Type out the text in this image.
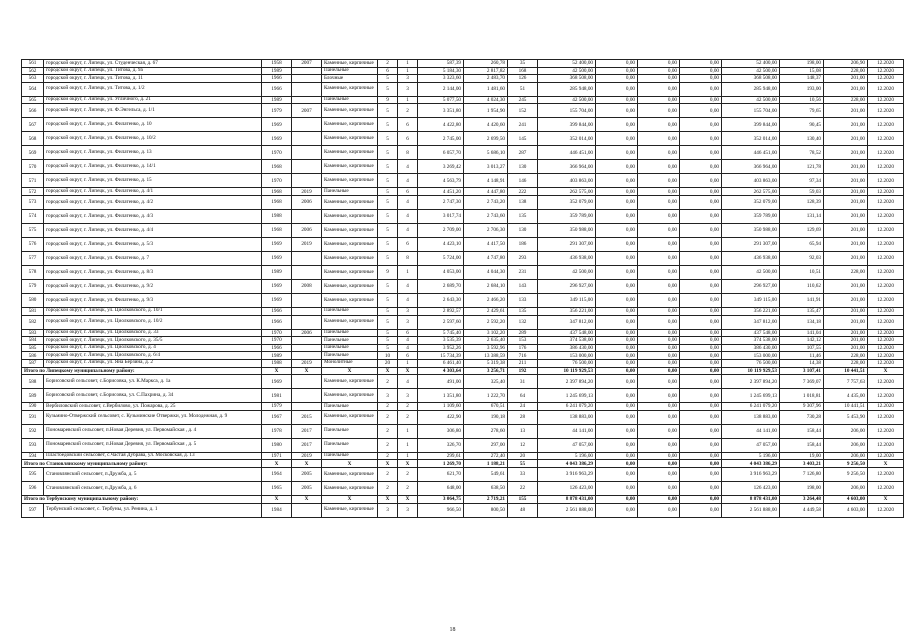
561	городской округ, г. Липецк, ул. Студенческая, д. 67	1958	2007	Каменные, кирпичные	2	1	587,39	260,78	35	52 400,00	0,00	0,00	0,00	52 400,00	198,00	206,90	12.2020
562	городской округ, г. Липецк, ул. Титова, д. 9а	1989		Панельные	6	1	5 184,30	2 817,82	168	42 500,00	0,00	0,00	0,00	42 500,00	15,08	228,00	12.2020
563	городской округ, г. Липецк, ул. Титова, д. 11	1966		Блочные	5	3	3 323,60	2 483,70	126	368 508,00	0,00	0,00	0,00	368 508,00	148,37	201,00	12.2020
564	городской округ, г. Липецк, ул. Титова, д. 1/2	1966		Каменные, кирпичные	5	3	2 144,00	1 481,60	51	285 948,00	0,00	0,00	0,00	285 948,00	193,00	201,00	12.2020
565	городской округ, г. Липецк, ул. Угличного, д. 21	1989		Панельные	9	1	5 077,50	4 024,30	245	42 500,00	0,00	0,00	0,00	42 500,00	10,56	228,00	12.2020
566	городской округ, г. Липецк, ул. Ф.Энгельса, д. 1/1	1979	2007	Каменные, кирпичные	5	2	3 351,80	1 954,90	152	155 704,00	0,00	0,00	0,00	155 704,00	79,65	201,00	12.2020
567	городской округ, г. Липецк, ул. Филатенко, д. 10	1969		Каменные, кирпичные	5	6	4 422,80	4 420,60	241	399 844,00	0,00	0,00	0,00	399 844,00	90,45	201,00	12.2020
568	городской округ, г. Липецк, ул. Филатенко, д. 10/2	1969		Каменные, кирпичные	5	6	2 745,00	2 699,50	145	352 014,00	0,00	0,00	0,00	352 014,00	130,40	201,00	12.2020
569	городской округ, г. Липецк, ул. Филатенко, д. 13	1970		Каменные, кирпичные	5	8	6 057,70	5 686,10	287	446 451,00	0,00	0,00	0,00	446 451,00	78,52	201,00	12.2020
570	городской округ, г. Липецк, ул. Филатенко, д. 14/1	1968		Каменные, кирпичные	5	4	3 269,42	3 013,27	130	366 964,00	0,00	0,00	0,00	366 964,00	121,78	201,00	12.2020
571	городской округ, г. Липецк, ул. Филатенко, д. 15	1970		Каменные, кирпичные	5	4	4 563,79	4 148,91	146	403 863,00	0,00	0,00	0,00	403 863,00	97,34	201,00	12.2020
572	городской округ, г. Липецк, ул. Филатенко, д. 4/1	1968	2019	Панельные	5	6	4 451,20	4 447,80	222	262 575,00	0,00	0,00	0,00	262 575,00	59,03	201,00	12.2020
573	городской округ, г. Липецк, ул. Филатенко, д. 4/2	1968	2006	Каменные, кирпичные	5	4	2 747,30	2 743,20	138	352 079,00	0,00	0,00	0,00	352 079,00	128,39	201,00	12.2020
574	городской округ, г. Липецк, ул. Филатенко, д. 4/3	1988		Каменные, кирпичные	5	4	3 017,74	2 743,60	135	359 789,00	0,00	0,00	0,00	359 789,00	131,14	201,00	12.2020
575	городской округ, г. Липецк, ул. Филатенко, д. 4/4	1968	2006	Каменные, кирпичные	5	4	2 709,00	2 706,30	130	350 988,00	0,00	0,00	0,00	350 988,00	129,69	201,00	12.2020
576	городской округ, г. Липецк, ул. Филатенко, д. 5/3	1969	2019	Каменные, кирпичные	5	6	4 423,10	4 417,50	186	291 307,00	0,00	0,00	0,00	291 307,00	65,94	201,00	12.2020
577	городской округ, г. Липецк, ул. Филатенко, д. 7	1969		Каменные, кирпичные	5	8	5 724,00	4 747,80	293	436 938,00	0,00	0,00	0,00	436 938,00	92,03	201,00	12.2020
578	городской округ, г. Липецк, ул. Филатенко, д. 8/3	1989		Каменные, кирпичные	9	1	4 053,00	4 044,30	231	42 500,00	0,00	0,00	0,00	42 500,00	10,51	228,00	12.2020
579	городской округ, г. Липецк, ул. Филатенко, д. 9/2	1969	2008	Каменные, кирпичные	5	4	2 689,70	2 684,10	143	296 927,00	0,00	0,00	0,00	296 927,00	110,62	201,00	12.2020
580	городской округ, г. Липецк, ул. Филатенко, д. 9/3	1969		Каменные, кирпичные	5	4	2 643,30	2 466,20	133	349 115,00	0,00	0,00	0,00	349 115,00	141,91	201,00	12.2020
581	городской округ, г. Липецк, ул. Циолковского, д. 10/1	1966		Панельные	5	3	2 892,57	2 429,61	135	356 221,00	0,00	0,00	0,00	356 221,00	135,47	201,00	12.2020
582	городской округ, г. Липецк, ул. Циолковского, д. 10/2	1966		Каменные, кирпичные	5	3	2 597,60	2 592,20	132	347 812,00	0,00	0,00	0,00	347 812,00	134,18	201,00	12.2020
583	городской округ, г. Липецк, ул. Циолковского, д. 33	1970	2006	Панельные	5	6	5 745,40	3 102,20	289	437 548,00	0,00	0,00	0,00	437 548,00	141,04	201,00	12.2020
584	городской округ, г. Липецк, ул. Циолковского, д. 35/5	1970		Панельные	5	4	3 535,39	2 635,40	153	374 538,00	0,00	0,00	0,00	374 538,00	142,12	201,00	12.2020
585	городской округ, г. Липецк, ул. Циолковского, д. 4	1966		Панельные	5	4	3 952,26	3 592,96	176	386 430,00	0,00	0,00	0,00	386 430,00	107,55	201,00	12.2020
586	городской округ, г. Липецк, ул. Циолковского, д. 6/4	1989		Панельные	10	6	15 734,39	13 388,59	716	153 000,00	0,00	0,00	0,00	153 000,00	11,46	228,00	12.2020
587	городской округ, г. Липецк, ул. Яна Берзина, д. 2	1988	2019	Монолитные	20	1	6 461,40	5 319,38	211	76 500,00	0,00	0,00	0,00	76 500,00	14,38	228,00	12.2020
Итого по Липецкому муниципальному району:		X	X	X	X	X	4 303,64	3 256,71	192	10 119 929,53	0,00	0,00	0,00	10 119 929,53	3 107,41	10 441,51	X
588	Борисовский сельсовет, с.Борисовка, ул. К.Маркса, д. 1а	1969		Каменные, кирпичные	2	4	491,00	325,40	31	2 397 894,20	0,00	0,00	0,00	2 397 894,20	7 369,07	7 757,63	12.2020
589	Борисовский сельсовет, с.Борисовка, ул. С.Пахрина, д. 34	1981		Каменные, кирпичные	3	3	1 351,80	1 222,70	64	1 245 699,13	0,00	0,00	0,00	1 245 699,13	1 018,81	4 435,00	12.2020
590	Вербиловский сельсовет, с.Вербилово, ул. Пожарова, д. 25	1979		Панельные	2	2	1 109,60	670,51	24	6 241 079,20	0,00	0,00	0,00	6 241 079,20	9 307,96	10 441,51	12.2020
591	Кузьмино-Отвержский сельсовет, с. Кузьминские Отвержки, ул. Молодежная, д. 9	1967	2015	Каменные, кирпичные	2	2	422,90	190,18	28	138 883,00	0,00	0,00	0,00	138 883,00	730,28	5 453,90	12.2020
592	Пономаревский сельсовет, п.Новая Деревня, ул. Первомайская , д. 4	1978	2017	Панельные	2	1	306,80	278,60	13	44 141,00	0,00	0,00	0,00	44 141,00	158,44	206,00	12.2020
593	Пономаревский сельсовет, п.Новая Деревня, ул. Первомайская , д. 5	1980	2017	Панельные	2	1	326,70	297,00	12	47 057,00	0,00	0,00	0,00	47 057,00	158,44	206,00	12.2020
594	Пластоедовский сельсовет, с.Частая Дубрава, ул. Московская, д. 13	1971	2019	Панельные	2	1	299,61	272,40	20	5 196,00	0,00	0,00	0,00	5 196,00	19,00	206,00	12.2020
Итого по Становлянскому муниципальному району:		X	X	X	X	X	1 269,70	1 188,21	55	4 043 386,29	0,00	0,00	0,00	4 043 386,29	3 403,21	9 256,50	X
595	Становлянский сельсовет, п.Дружба, д. 5	1964	2005	Каменные, кирпичные	2	2	621,70	549,61	33	3 916 963,29	0,00	0,00	0,00	3 916 963,29	7 126,80	9 256,50	12.2020
596	Становлянский сельсовет, п.Дружба, д. 6	1965	2005	Каменные, кирпичные	2	2	648,00	638,50	22	126 423,00	0,00	0,00	0,00	126 423,00	198,00	206,00	12.2020
Итого по Тербунскому муниципальному району:		X	X	X	X	X	3 064,75	2 719,21	155	8 878 431,00	0,00	0,00	0,00	8 878 431,00	3 264,48	4 603,00	X
597	Тербунский сельсовет, с. Тербуны, ул. Ренина, д. 1	1984		Каменные, кирпичные	3	3	966,50	800,50	48	2 561 888,00	0,00	0,00	0,00	2 561 888,00	4 449,58	4 603,00	12.2020
18
